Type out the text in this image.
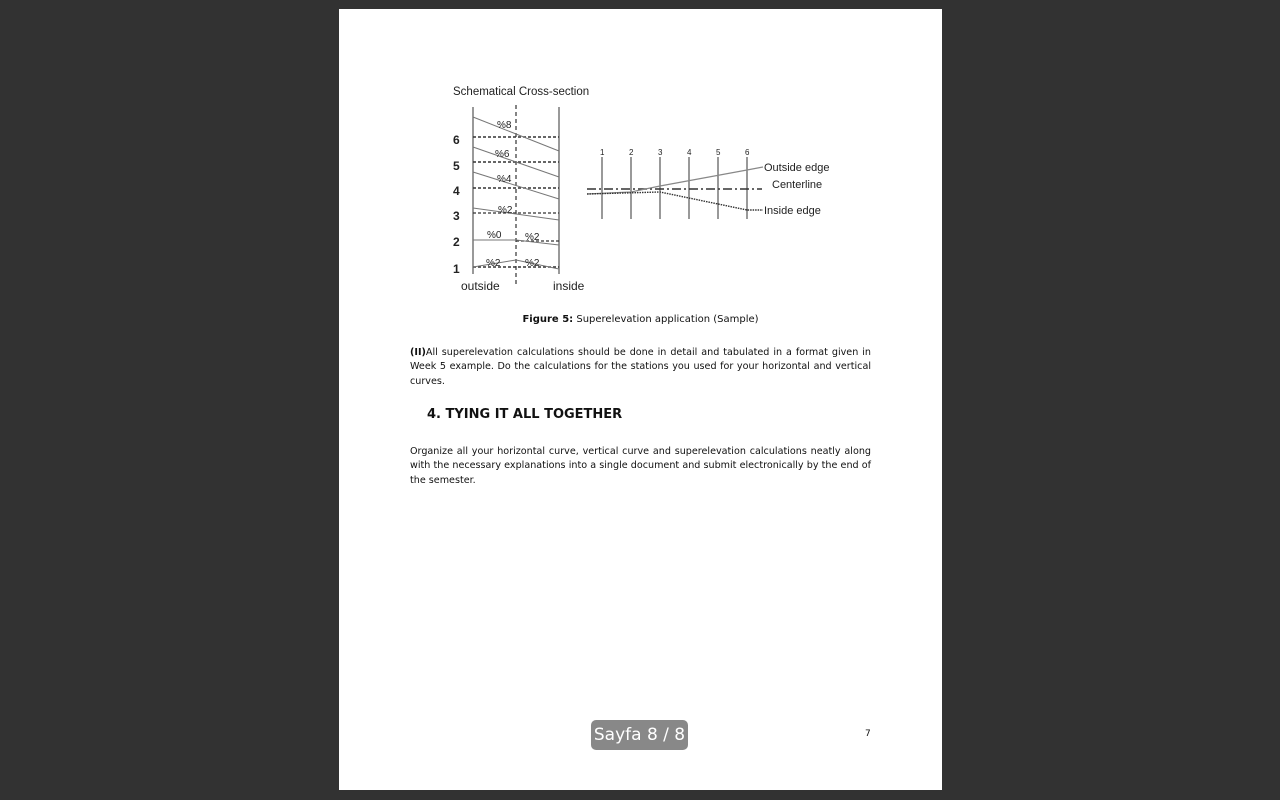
Schematical Cross-section
6
5
4
3
2
1
%8
%6
%4
%2
%0 %2
%2 %2
outside	inside
1	2	3	4	5	6
Outside edge
Centerline
Inside edge
Figure 5: Superelevation application (Sample)
(II)All superelevation calculations should be done in detail and tabulated in a format given in Week 5 example. Do the calculations for the stations you used for your horizontal and vertical curves.
4. TYING IT ALL TOGETHER
Organize all your horizontal curve, vertical curve and superelevation calculations neatly along with the necessary explanations into a single document and submit electronically by the end of the semester.
7
Sayfa 8 / 8
